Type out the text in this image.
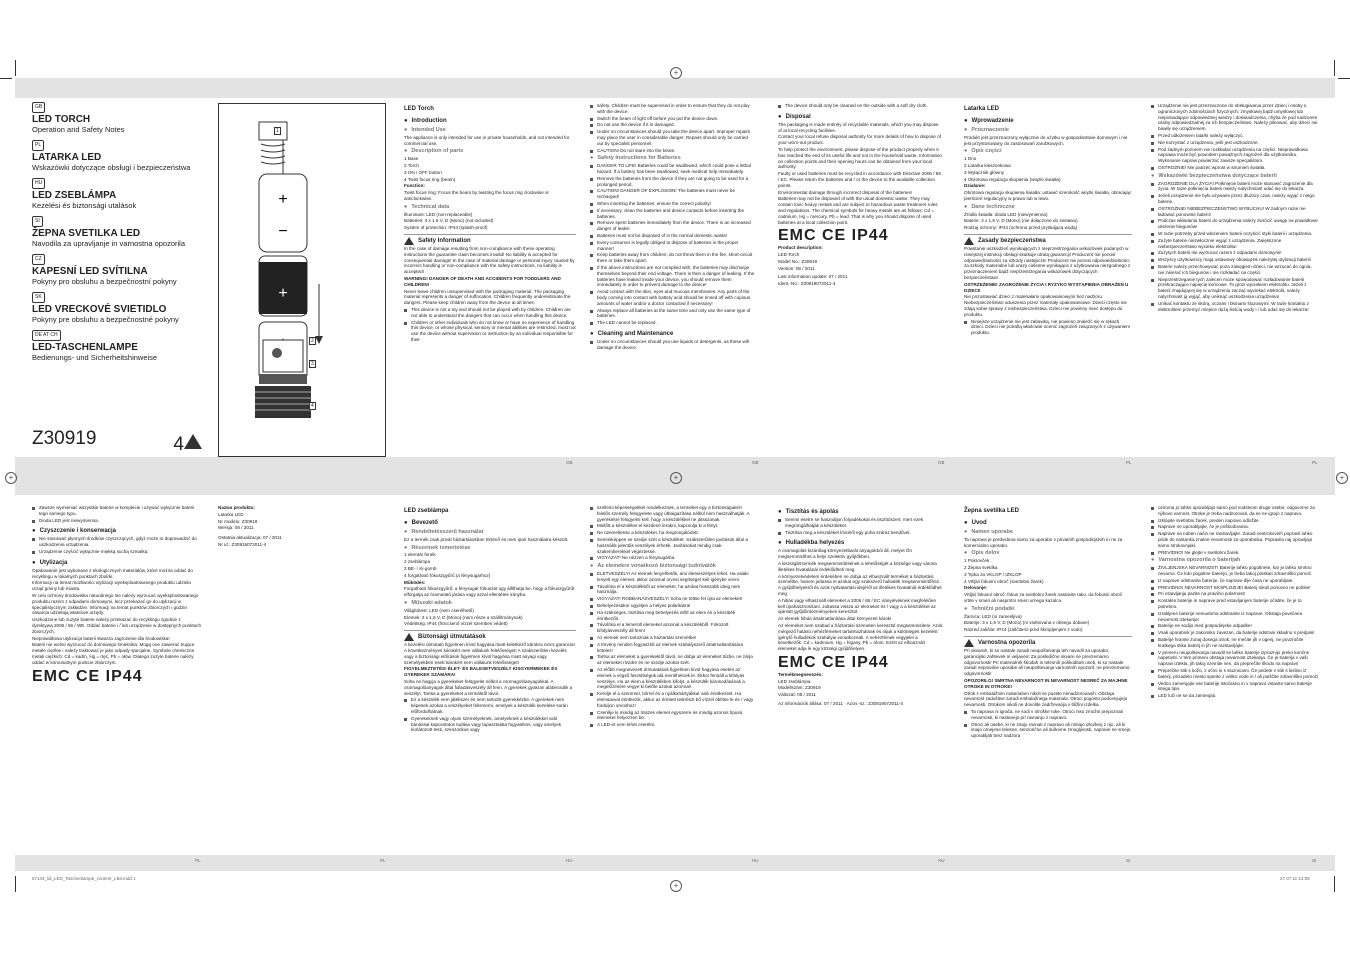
+
+
+
+	+
GB
LED TORCH
Operation and Safety Notes
PL
LATARKA LED
Wskazówki dotyczące obsługi i bezpieczeństwa
HU
LED ZSEBLÁMPA
Kezelési és biztonsági utalások
SI
ŽEPNA SVETILKA LED
Navodila za upravljanje in varnostna opozorila
CZ
KAPESNÍ LED SVÍTILNA
Pokyny pro obsluhu a bezpečnostní pokyny
SK
LED VRECKOVÉ SVIETIDLO
Pokyny pre obsluhu a bezpečnostné pokyny
DE AT CH
LED-TASCHENLAMPE
Bedienungs- und Sicherheitshinweise
Z30919	4
+
−
+
1
2
3
4
LED Torch
● Introduction
● Intended Use
The appliance is only intended for use in private households, and not intended for commercial use.
● Description of parts
1 Base
2 Torch
3 ON / OFF button
4 Twist focus ring (beam)
Function:
Twist focus ring: Focus the beam by twisting the focus ring clockwise or anticlockwise.
● Technical data
Illuminant: LED (non-replaceable)
Batteries: 3 x 1.5 V, D (Mono) (not included)
System of protection: IP44 (splash-proof)
Safety Information
In the case of damage resulting from non-compliance with these operating instructions the guarantee claim becomes invalid! No liability is accepted for consequential damage! In the case of material damage or personal injury caused by incorrect handling or non-compliance with the safety instructions, no liability is accepted!
WARNING! DANGER OF DEATH AND ACCIDENTS FOR TODDLERS AND CHILDREN!
Never leave children unsupervised with the packaging material. The packaging material represents a danger of suffocation. Children frequently underestimate the dangers. Please keep children away from the device at all times.
This device is not a toy and should not be played with by children. Children are not able to understand the dangers that can occur when handling this device.
Children or other individuals who do not know or have no experience of handling this device, or whose physical, sensory or mental abilities are restricted, must not use the device without supervision or instruction by an individual responsible for their
safety. Children must be supervised in order to ensure that they do not play with the device.
Switch the beam of light off before you put the device down.
Do not use the device if it is damaged.
Under no circumstances should you take the device apart. Improper repairs may place the user in considerable danger. Repairs should only be carried out by specialist personnel.
CAUTION! Do not stare into the beam.
● Safety Instructions for Batteries
DANGER TO LIFE! Batteries could be swallowed, which could pose a lethal hazard. If a battery has been swallowed, seek medical help immediately.
Remove the batteries from the device if they are not going to be used for a prolonged period.
CAUTION! DANGER OF EXPLOSION! The batteries must never be recharged!
When inserting the batteries, ensure the correct polarity!
If necessary, clean the batteries and device contacts before inserting the batteries.
Remove spent batteries immediately from the device. There is an increased danger of leaks!
Batteries must not be disposed of in the normal domestic waste!
Every consumer is legally obliged to dispose of batteries in the proper manner!
Keep batteries away from children; do not throw them in the fire, short-circuit them or take them apart.
If the above instructions are not complied with, the batteries may discharge themselves beyond their end voltage. There is then a danger of leaking. If the batteries have leaked inside your device, you should remove them immediately in order to prevent damage to the device!
Avoid contact with the skin, eyes and mucous membranes. Any parts of the body coming into contact with battery acid should be rinsed off with copious amounts of water and/or a doctor contacted if necessary!
Always replace all batteries at the same time and only use the same type of batteries.
The LED cannot be replaced.
● Cleaning and Maintenance
Under no circumstances should you use liquids or detergents, as these will damage the device.
The device should only be cleaned on the outside with a soft dry cloth.
● Disposal
The packaging is made entirely of recyclable materials, which you may dispose of at local recycling facilities.
Contact your local refuse disposal authority for more details of how to dispose of your worn-out product.
To help protect the environment, please dispose of the product properly when it has reached the end of its useful life and not in the household waste. Information on collection points and their opening hours can be obtained from your local authority.
Faulty or used batteries must be recycled in accordance with Directive 2006 / 66 / EC. Please return the batteries and / or the device to the available collection points.
Environmental damage through incorrect disposal of the batteries!
Batteries may not be disposed of with the usual domestic waste. They may contain toxic heavy metals and are subject to hazardous waste treatment rules and regulations. The chemical symbols for heavy metals are as follows: Cd = cadmium, Hg = mercury, Pb = lead. That is why you should dispose of used batteries at a local collection point.
EMC CE IP44
Product description:
LED Torch
Model No.: Z30919
Version: 08 / 2011
Last information update: 07 / 2011
Ident.-No.: Z30919072011-4
Latarka LED
● Wprowadzenie
● Przeznaczenie
Produkt jest przeznaczony wyłącznie do użytku w gospodarstwie domowym i nie jest przystosowany do zastosowań zarobkowych.
● Opis części
1 Dno
2 Latarka kieszonkowa
3 Wyłącznik główny
4 Obrotowa regulacja skupienia (wiązki światła)
Działanie:
Obrotowa regulacja skupienia światła: ustawić szerokość wiązki światła, obracając pierścień regulacyjny w prawo lub w lewo.
● Dane techniczne
Źródło światła: dioda LED (niewymienna)
Baterie: 3 x 1,5 V, D (Mono) (nie dołączone do zestawu)
Rodzaj ochrony: IP44 (ochrona przed pryskającą wodą)
Zasady bezpieczeństwa
Powstanie uszkodzeń wynikających z nieprzestrzegania wskazówek podanych w niniejszej instrukcji obsługi skutkuje utratą gwarancji! Producent nie ponosi odpowiedzialności za szkody następcze! Producent nie ponosi odpowiedzialności za szkody materialne lub urazy cielesne wynikające z użytkowania niezgodnego z przeznaczeniem bądź nieprzestrzegania wskazówek dotyczących bezpieczeństwa!
OSTRZEŻENIE! ZAGROŻENIE ŻYCIA I RYZYKO WYSTĄPIENIA OBRAŻEŃ U DZIECI!
Nie pozostawiać dzieci z materiałami opakowaniowymi bez nadzoru. Niebezpieczeństwo uduszenia przez materiały opakowaniowe. Dzieci często nie zdają sobie sprawy z niebezpieczeństwa. Dzieci nie powinny mieć dostępu do produktu.
Niniejsze urządzenie nie jest zabawką, nie powinno znaleźć się w rękach dzieci. Dzieci nie potrafią właściwie ocenić zagrożeń związanych z używaniem produktu.
Urządzenie nie jest przeznaczone do obsługiwania przez dzieci i osoby o ograniczonych zdolnościach fizycznych, zmysłowej bądź umysłowej lub nieposiadające odpowiedniej wiedzy i doświadczenia, chyba że pod nadzorem osoby odpowiedzialnej za ich bezpieczeństwo. Należy pilnować, aby dzieci nie bawiły się urządzeniem.
Przed odłożeniem latarki należy wyłączyć.
Nie korzystać z urządzenia, jeśli jest uszkodzone.
Pod żadnym pozorem nie rozkładać urządzenia na części. Nieprawidłowa naprawa może być powodem poważnych zagrożeń dla użytkownika. Wykonanie napraw powierzać zawsze specjalistom.
OSTROŻNIE! Nie patrzeć wprost w strumień światła.
● Wskazówki bezpieczeństwa dotyczące baterii
ZAGROŻENIE DLA ŻYCIA! Połknięcie baterii może stanowić zagrożenie dla życia. W razie połknięcia baterii należy natychmiast udać się do lekarza.
Jeżeli urządzenie nie było używane przez dłuższy czas, należy wyjąć z niego baterie.
OSTROŻNIE! NIEBEZPIECZEŃSTWO WYBUCHU! W żadnym razie nie ładować ponownie baterii!
Podczas wkładania baterii do urządzenia należy zwrócić uwagę na prawidłowe ułożenie biegunów!
W razie potrzeby przed włożeniem baterii oczyścić styki baterii i urządzenia.
Zużyte baterie niezwłocznie wyjąć z urządzenia. Zwiększone niebezpieczeństwo wycieku elektrolitu!
Zużytych baterii nie wyrzucać razem z odpadami domowymi!
Wszyscy użytkownicy mają ustawowy obowiązek należytej utylizacji baterii!
Baterie należy przechowywać poza zasięgiem dzieci, nie wrzucać do ognia, nie zwierać ich biegunów i nie rozkładać na części.
Nieprzestrzeganie tych zaleceń może spowodować rozładowanie baterii przekraczające napięcie końcowe. To grozi wyciekiem elektrolitu. Jeżeli z baterii znajdującej się w urządzeniu zacząć wyciekać elektrolit, należy natychmiast ją wyjąć, aby uniknąć uszkodzenia urządzenia!
Unikać kontaktu ze skórą, oczami i błonami śluzowymi. W razie kontaktu z elektrolitem przemyć miejsce dużą ilością wody i / lub udać się do lekarza!
GB	GB	GB	PL	PL
Zawsze wymieniać wszystkie baterie w komplecie i używać wyłącznie baterii tego samego typu.
Dioda LED jest niewymienna.
● Czyszczenie i konserwacja
Nie stosować płynnych środków czyszczących, gdyż może to doprowadzić do uszkodzenia urządzenia.
Urządzenie czyścić wyłącznie miękką suchą szmatką.
● Utylizacja
Opakowanie jest wykonane z ekologicznych materiałów, które można oddać do recyklingu w lokalnych punktach zbiórki.
Informacji na temat możliwości utylizacji wyeksploatowanego produktu udziela urząd gminy lub miasta.
W celu ochrony środowiska naturalnego nie należy wyrzucać wyeksploatowanego produktu razem z odpadami domowymi, lecz przekazać go do utylizacji w specjalistycznym zakładzie. Informacji na temat punktów zbiorczych i godzin otwarcia udzielają właściwe urzędy.
Uszkodzone lub zużyte baterie należy przekazać do recyklingu zgodnie z dyrektywą 2006 / 66 / WE. Oddać baterie i / lub urządzenie w dostępnych punktach zbiorczych.
Nieprawidłowa utylizacja baterii stwarza zagrożenie dla środowiska!
Baterii nie wolno wyrzucać do domowego śmietnika. Mogą one zawierać trujące metale ciężkie i należy traktować je jako odpady specjalne. Symbole chemiczne metali ciężkich: Cd = kadm, Hg = rtęć, Pb = ołów. Dlatego zużyte baterie należy oddać w komunalnym punkcie zbiorczym.
EMC CE IP44
Nazwa produktu:
Latarka LED
Nr modelu: Z30919
Wersja: 08 / 2011
Ostatnia aktualizacja: 07 / 2011
Nr id.: Z30919072011-4
LED zseblámpa
● Bevezető
● Rendeltetésszerű használat
Ez a termék csak privát háztartásokban történő és nem ipari használatra készült.
● Részeinek ismertetése
1 elemtár fenék
2 zseblámpa
3 BE- / Ki-gomb
4 forgatható fókuszgyűrű (a fénysugárhoz)
Működés:
Forgatható fókuszgyűrű: a fénysugár fókuszát úgy állíthatja be, hogy a fókuszgyűrűt elforgatja az óramutató járása vagy azzal ellentétes irányba.
● Műszaki adatok
Világítótest: LED (nem cserélhető)
Elemek: 3 x 1,5 V, D (Mono) (nem része a szállítmánynak)
Védettség: IP44 (fröccsenő vízzel szemben védett)
Biztonsági útmutatások
A kezelési útmutató figyelmen kívül hagyása miatt keletkező károkra nincs garancia! A következményes károkért nem vállalunk felelősséget! A szakszerűtlen kezelés vagy a biztonsági előírások figyelmen kívül hagyása miatt anyagi vagy személyekben esett károkért nem vállalunk felelősséget!
FIGYELMEZTETÉS! ÉLET- ÉS BALESETVESZÉLY KISGYERMEKEK ÉS GYEREKEK SZÁMÁRA!
Soha ne hagyja a gyerekeket felügyelet nélkül a csomagolóanyagokkal. A csomagolóanyagok által fulladásveszély áll fenn. A gyerekek gyakran alábecsülik a veszélyt. Tartsa a gyerekeket a terméktől távol.
Ez a készülék nem játékszer és nem tartozik gyerekkézbe. A gyerekek nem képesek azokat a veszélyeket felismerni, amelyek a készülék kezelése során előfordulhatnak.
Gyerekeknek vagy olyan személyeknek, amelyeknek a készülékkel való bánással kapcsolatos tudása vagy tapasztalata fogyatékos, vagy amelyek korlátozott testi, szenzorikus vagy
szellemi képességekkel rendelkeznek, a terméket egy a biztonságukért felelős személy felügyelete vagy útbaigazítása nélkül nem használhatják. A gyerekekre felügyelni kell, hogy a készülékkel ne játsszanak.
Mielőtt a készüléket el kezdené lerakni, kapcsolja ki a fényt.
Ne üzemeltesse a készüléket, ha megrongálódott.
Semmiképpen se szedje szét a készüléket. Szakszerűtlen javítások által a használót jelentős veszélyek érhetik. Javításokat mindig csak szakemberekkel végeztesse.
VIGYÁZAT! Ne nézzen a fénysugárba.
● Az elemekre vonatkozó biztonsági tudnivalók
ÉLETVESZÉLY! Az elemek lenyelhetők, ami életveszélyes lehet. Ha valaki lenyelt egy elemet, akkor azonnal orvosi segítséget kell igénybe venni.
Távolítsa el a készülékből az elemeket, ha azokat hosszabb ideig nem használja.
VIGYÁZAT! ROBBANÁSVESZÉLY! Soha ne töltse fel újra az elemeket!
Behelyezésükor ügyeljen a helyes polaritásra!
Ha szükséges, tisztítsa meg behelyezés előtt az elem és a készülék érintkezőit.
Távolítsa el a lemerült elemeket azonnal a készülékből. Fokozott kifolyásveszély áll fenn!
Az elemek nem tartoznak a háztartási szemétbe!
A törvény minden fogyasztót az elemek szabályszerű ártalmatlanítására kötelez!
Tartsa az elemeket a gyerekektől távol, ne dobja az elemeket tűzbe, ne zárja az elemeket rövidre és ne szedje azokat szét.
Az előbb megnevezett útmutatások figyelmen kívül hagyása esetén az elemek a végső feszültségük alá merülhetnek le. Ekkor fennáll a kifolyás veszélye. Ha az elem a készülékben kifolyt, a készülék károsodásának a megelőzésére vegye ki belőle azokat azonnal!
Kerülje el a szemmel, bőrrel és a nyálkahártyákkal való érintkezést. Ha elemsavval érintkezik, akkor az érintett testrészt bő vízzel öblítse le és / vagy forduljon orvoshoz!
Cserélje ki mindig az összes elemet egyszerre és mindig azonos típusú elemeket helyezzen be.
A LED-et nem lehet cserélni.
● Tisztítás és ápolás
Semmi esetre se használjon folyadékokat és tisztítószert, mert ezek megrongálhatják a készüléket.
Tisztítsa meg a készüléket kívülről egy puha száraz kendővel.
● Hulladékba helyezés
A csomagolás kizárólag környezetbarát anyagokból áll, melyet Ön megsemmisíthet a helyi szelektív gyűjtőkben.
A kiszolgált termék megsemmisítésének a lehetőségét a községe vagy városa illetékes hivatalánál érdeklődheti meg.
A környezetvédelem érdekében ne dobja az elhasznált terméket a háztartási szemétbe, hanem juttassa el azokat egy szakszerű hulladék megsemmisítőhöz. A gyűjtőhelyekről és azok nyitvatartási idejéről az illetékes hivatalnál érdeklődhet meg.
A hibás vagy elhasznált elemeket a 2006 / 66 / EC irányelveknek megfelelően kell újrahasznosítani. Juttassa vissza az elemeket és / vagy a a készüléket az ajánlott gyűjtőintézményeken keresztül.
Az elemek hibás ártalmatlanítása által környezeti károk!
Az elemeket nem szabad a háztartási szemeten keresztül megsemmisíteni. Azok mérgező hatású nehézfémeket tartalmazhatnak és rájuk a különleges kezelést igénylő hulladékok szabályai vonatkoznak. A nehézfémek vegyjelei a következők: Cd = kadmium, Hg = higany, Pb = ólom. Ezért az elhasznált elemeket adja le egy községi gyűjtőhelyen.
EMC CE IP44
Termékmegnevezés:
LED zseblámpa
Modellszám: Z30919
Változat: 08 / 2011
Az információk állása: 07 / 2011 · Azon.-sz.: Z30919072011-4
Žepna svetilka LED
● Uvod
● Namen uporabe
Ta naprava je predvidena samo za uporabo v privatnih gospodinjstvih in ne za komercialno uporabo.
● Opis delov
1 Pokrovček
2 Žepna svetilka
3 Tipka za VKLOP / IZKLOP
4 Vrtljivi fokusni obroč (svetlobni žarek)
Delovanje:
Vrtljivi fokusni obroč: fokus za svetlobni žarek nastavite tako, da fokusni obroč vrtite v smeri ali nasprotni smeri urnega kazalca.
● Tehnični podatki
Žarnica: LED (ni zamenljiva)
Baterije: 3 x 1,5 V, D (Mono) (ni vsebovana v obsegu dobave)
Razred zaščite: IP44 (zaščiteno pred škropljenjem z vodo)
Varnostna opozorila
Pri okvarah, ki so nastale zaradi neupoštevanja teh navodil za uporabo, garancijski zahtevek ni veljaven! Za posledične okvare ne prevzemamo odgovornosti! Pri materialnih škodah in telesnih poškodbah oseb, ki so nastale zaradi nepravilne uporabe ali neupoštevanja varnostnih opozoril, ne prevzemamo odgovornosti!
OPOZORILO! SMRTNA NEVARNOST IN NEVARNOST NESREČ ZA MAJHNE OTROKE IN OTROKE!
Otrok z embalažnim materialom nikoli ne pustite nenadzorovanih. Obstaja nevarnost zadušitve zaradi embalažnega materiala. Otroci pogosto podcenjujejo nevarnosti. Otrokom nikoli ne dovolite zadrževanja v bližini izdelka.
Ta naprava ni igrača, ne sodi v otroške roke. Otroci niso zmožni prepoznati nevarnosti, ki nastanejo pri ravnanju z napravo.
Otroci ali osebe, ki ne znajo ravnati z napravo ali nimajo izkušenj z njo, ali ki imajo omejene telesne, senzorične ali duševne zmogljivosti, naprave ne smejo uporabljati brez nadzora
oziroma jo lahko uporabljajo samo pod vodstvom druge osebe, odgovorne za njihovo varnost. Otroke je treba nadzorovati, da se ne igrajo z napravo.
Izklopite svetlobni žarek, preden napravo odložite.
Naprave ne uporabljajte, če je poškodovana.
Naprave na noben način ne razstavljajte. Zaradi nestrokovnih popravil lahko pride do nastanka znatne nevarnosti za uporabnika. Popravila naj opravljajo samo strokovnjaki.
PREVIDNO! Ne glejte v svetlobni žarek.
● Varnostna opozorila o baterijah
ŽIVLJENJSKA NEVARNOST! Baterije lahko pogoltnete, kar je lahko smrtno nevarno. Če kdo pogoltne baterijo, je treba takoj poiskati zdravniško pomoč.
Iz naprave odstranite baterije, če naprave dlje časa ne uporabljate.
PREVIDNO! NEVARNOST EKSPLOZIJE! Baterij nikoli ponovno ne polnite!
Pri vstavljanju pazite na pravilno polarnost!
Kontakte baterije in naprave pred vstavljanjem baterije očistite, če je to potrebno.
Izrabljene baterije nemudoma odstranite iz naprave. Obstaja povečana nevarnost iztekanja!
Baterije ne sodijo med gospodinjske odpadke!
Vsak uporabnik je zakonsko zavezan, da baterije odstrani skladno s predpisi!
Baterije hranite zunaj dosega otrok, ne mečite jih v ogenj, ne povzročite kratkega stika baterij in jih ne razstavljajte.
V primeru neupoštevanja navodil se lahko baterije izpraznijo preko končne napetosti. V tem primeru obstaja nevarnost iztekanja. Če je baterija v vaši napravi iztekla, jih takoj vzemite ven, da preprečite škodo na napravi!
Preprečite stik s kožo, z očmi in s sluznicami. Če pridete v stik s kislino iz baterij, prizadeto mesto sperite z veliko vode in / ali poiščite zdravniško pomoč!
Vedno zamenjajte vse baterije istočasno in v napravo vstavite samo baterije istega tipa.
LED luči ne se da zamenjati.
PL	PL	HU	HU	HU	SI	SI
67143_lid_LED_Taschenlampe_content_LB4.indd 1	27.07.11 14:08
